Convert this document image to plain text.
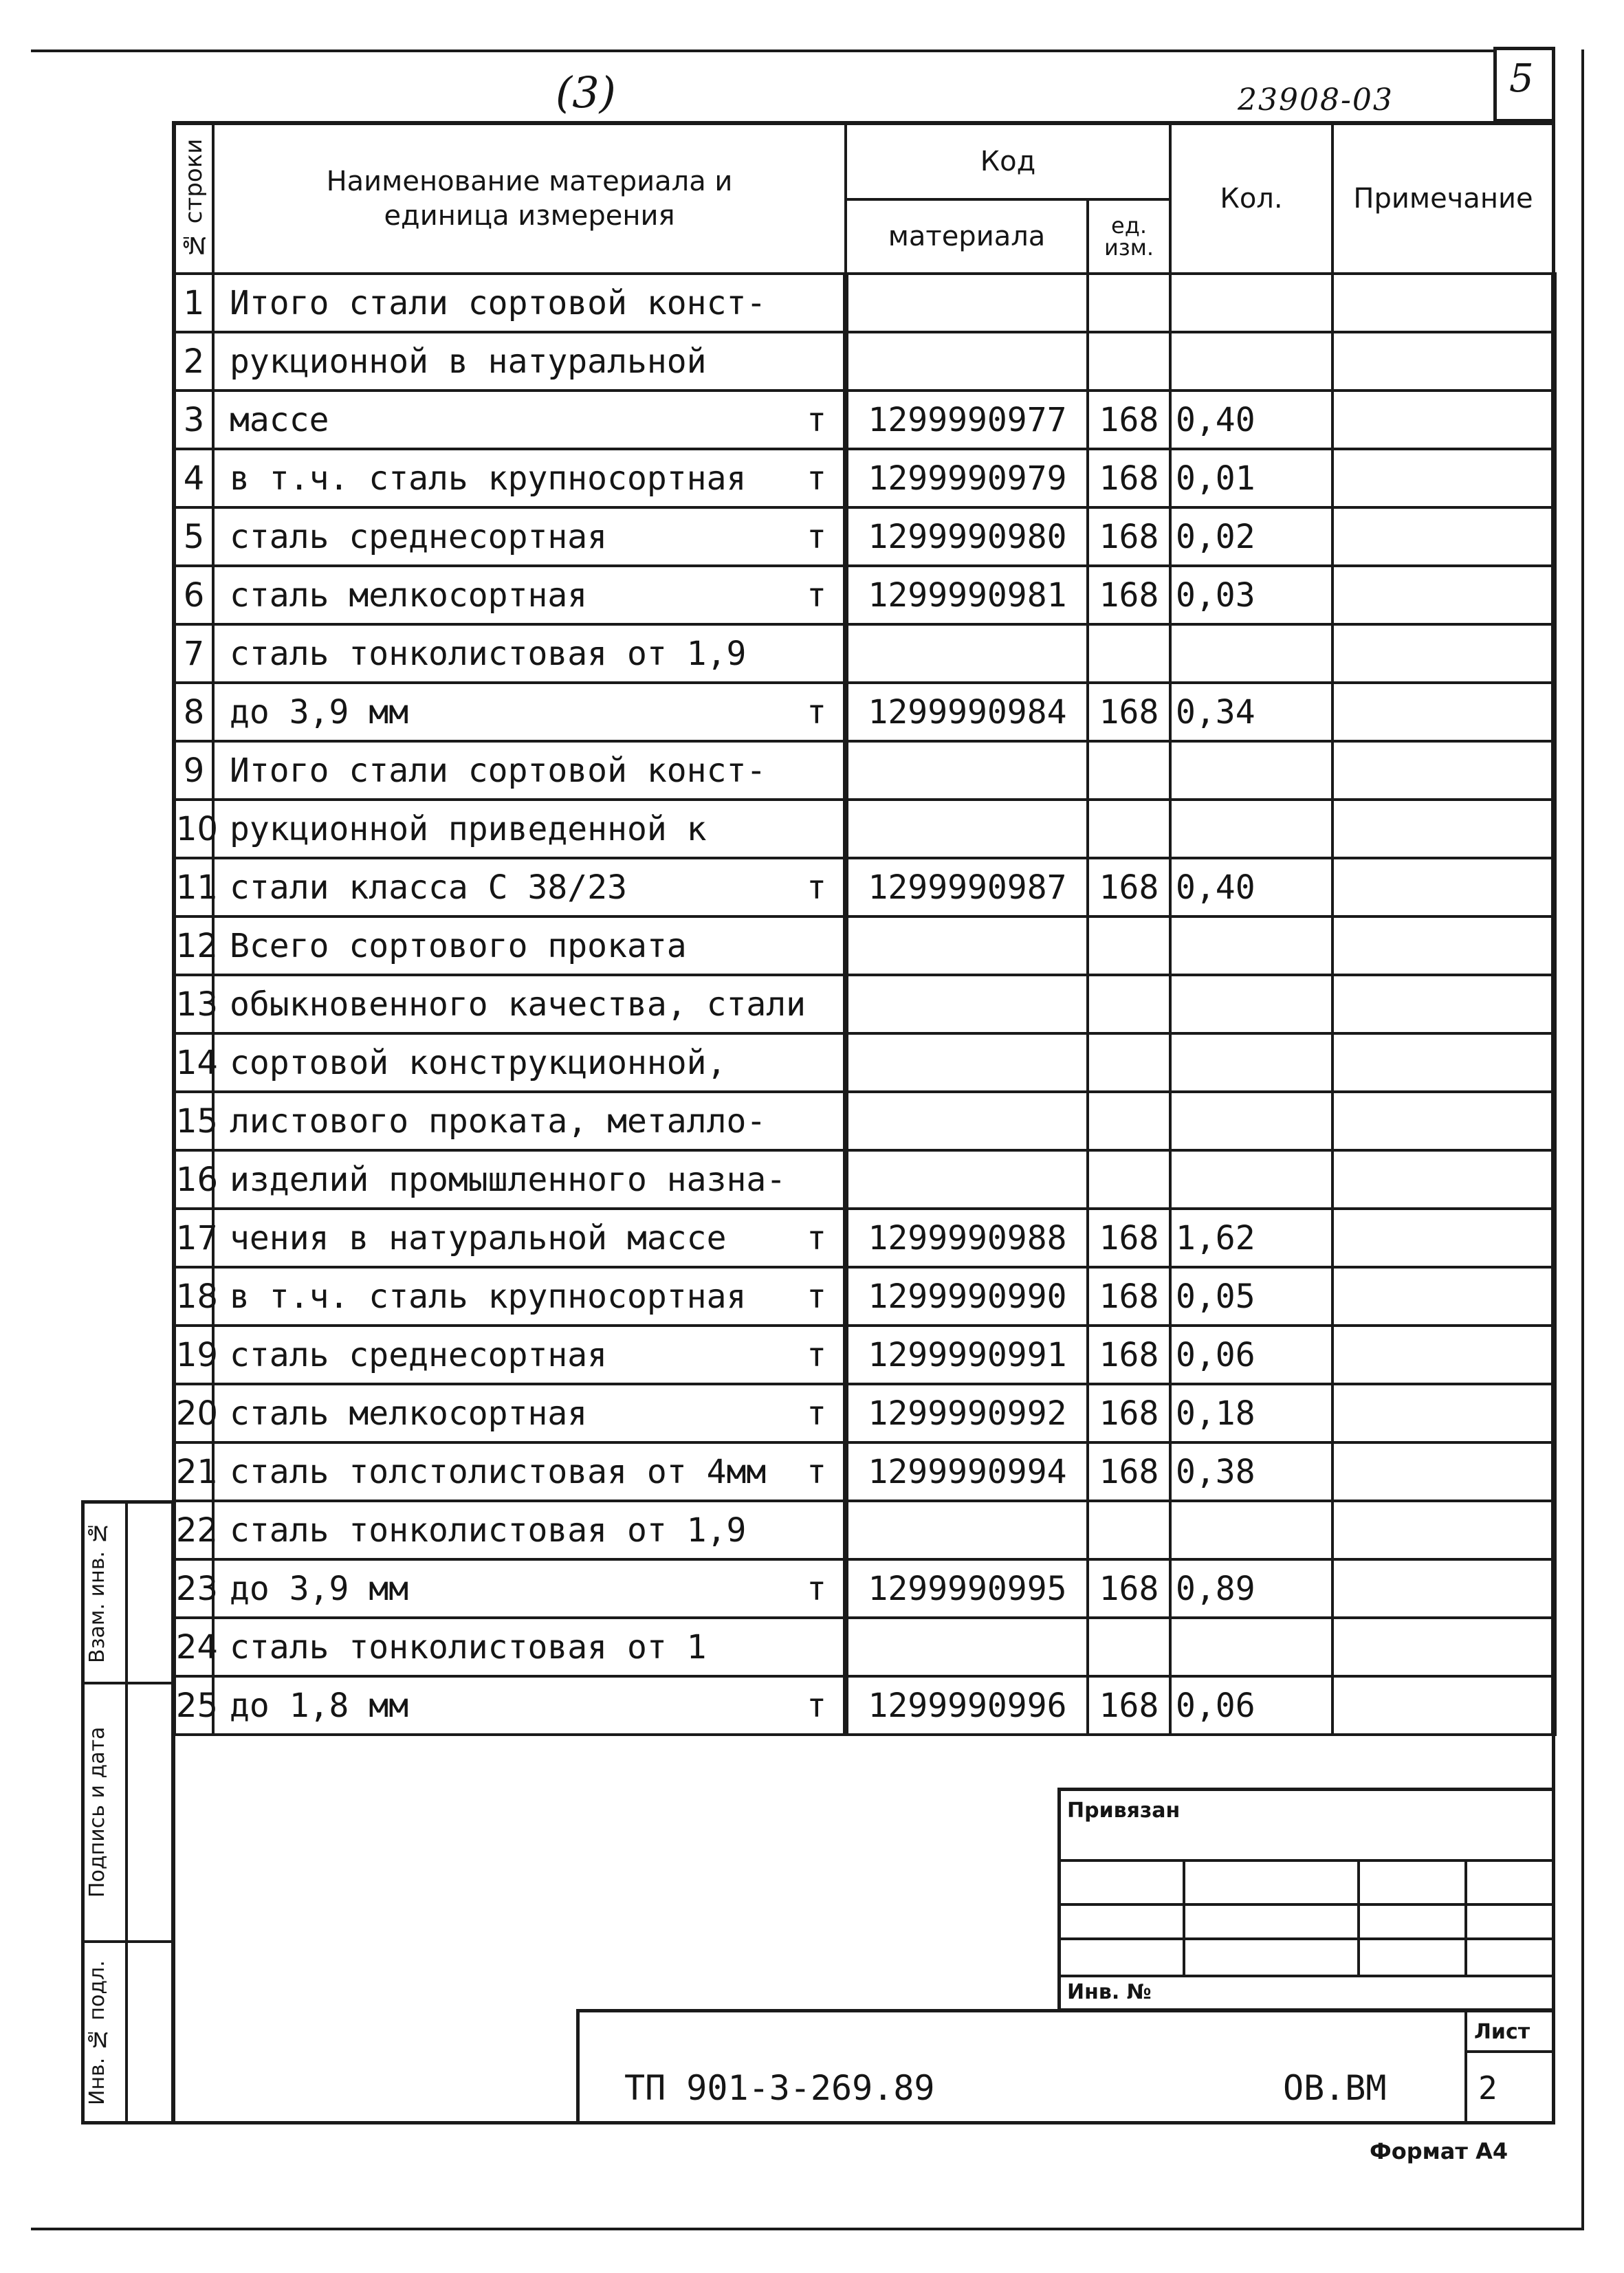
5
(3)	23908-03
№ строки	Наименование материала и единица измерения	Код		Кол.	Примечание
		материала	ед. изм.		

1	Итого стали сортовой конст-				

2	рукционной в натуральной				

3	массе т	1299990977	168	0,40	
4	в т.ч. сталь крупносортная т	1299990979	168	0,01	
5	сталь среднесортная т	1299990980	168	0,02	
6	сталь мелкосортная т	1299990981	168	0,03	
7	сталь тонколистовая от 1,9				

8	до 3,9 мм т	1299990984	168	0,34	
9	Итого стали сортовой конст-				

10	рукционной приведенной к				

11	стали класса С 38/23 т	1299990987	168	0,40	
12	Всего сортового проката				

13	обыкновенного качества, стали				

14	сортовой конструкционной,				

15	листового проката, металло-				

16	изделий промышленного назна-				

17	чения в натуральной массе т	1299990988	168	1,62	
18	в т.ч. сталь крупносортная т	1299990990	168	0,05	
19	сталь среднесортная т	1299990991	168	0,06	
20	сталь мелкосортная т	1299990992	168	0,18	
21	сталь толстолистовая от 4мм т	1299990994	168	0,38	
22	сталь тонколистовая от 1,9				

23	до 3,9 мм т	1299990995	168	0,89	
24	сталь тонколистовая от 1				

25	до 1,8 мм т	1299990996	168	0,06	
Взам. инв. №
Подпись и дата
Инв. № подл.
Привязан
Инв. №
ТП 901-3-269.89	ОВ.ВМ
Лист
2
Формат А4
